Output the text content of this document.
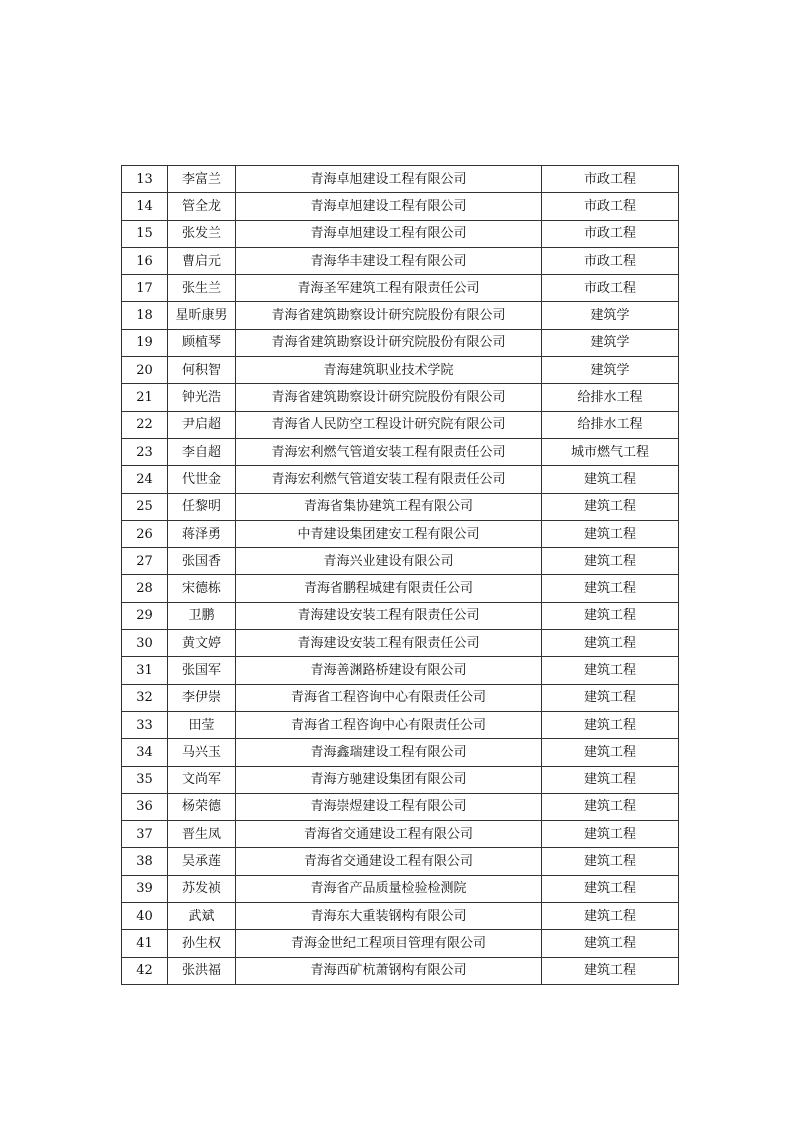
13	李富兰	青海卓旭建设工程有限公司	市政工程
14	管全龙	青海卓旭建设工程有限公司	市政工程
15	张发兰	青海卓旭建设工程有限公司	市政工程
16	曹启元	青海华丰建设工程有限公司	市政工程
17	张生兰	青海圣军建筑工程有限责任公司	市政工程
18	星昕康男	青海省建筑勘察设计研究院股份有限公司	建筑学
19	顾植琴	青海省建筑勘察设计研究院股份有限公司	建筑学
20	何积智	青海建筑职业技术学院	建筑学
21	钟光浩	青海省建筑勘察设计研究院股份有限公司	给排水工程
22	尹启超	青海省人民防空工程设计研究院有限公司	给排水工程
23	李自超	青海宏利燃气管道安装工程有限责任公司	城市燃气工程
24	代世金	青海宏利燃气管道安装工程有限责任公司	建筑工程
25	任黎明	青海省集协建筑工程有限公司	建筑工程
26	蒋泽勇	中青建设集团建安工程有限公司	建筑工程
27	张国香	青海兴业建设有限公司	建筑工程
28	宋德栋	青海省鹏程城建有限责任公司	建筑工程
29	卫鹏	青海建设安装工程有限责任公司	建筑工程
30	黄文婷	青海建设安装工程有限责任公司	建筑工程
31	张国军	青海善渊路桥建设有限公司	建筑工程
32	李伊崇	青海省工程咨询中心有限责任公司	建筑工程
33	田莹	青海省工程咨询中心有限责任公司	建筑工程
34	马兴玉	青海鑫瑞建设工程有限公司	建筑工程
35	文尚军	青海方驰建设集团有限公司	建筑工程
36	杨荣德	青海崇煜建设工程有限公司	建筑工程
37	晋生凤	青海省交通建设工程有限公司	建筑工程
38	吴承莲	青海省交通建设工程有限公司	建筑工程
39	苏发祯	青海省产品质量检验检测院	建筑工程
40	武斌	青海东大重装钢构有限公司	建筑工程
41	孙生权	青海金世纪工程项目管理有限公司	建筑工程
42	张洪福	青海西矿杭萧钢构有限公司	建筑工程
